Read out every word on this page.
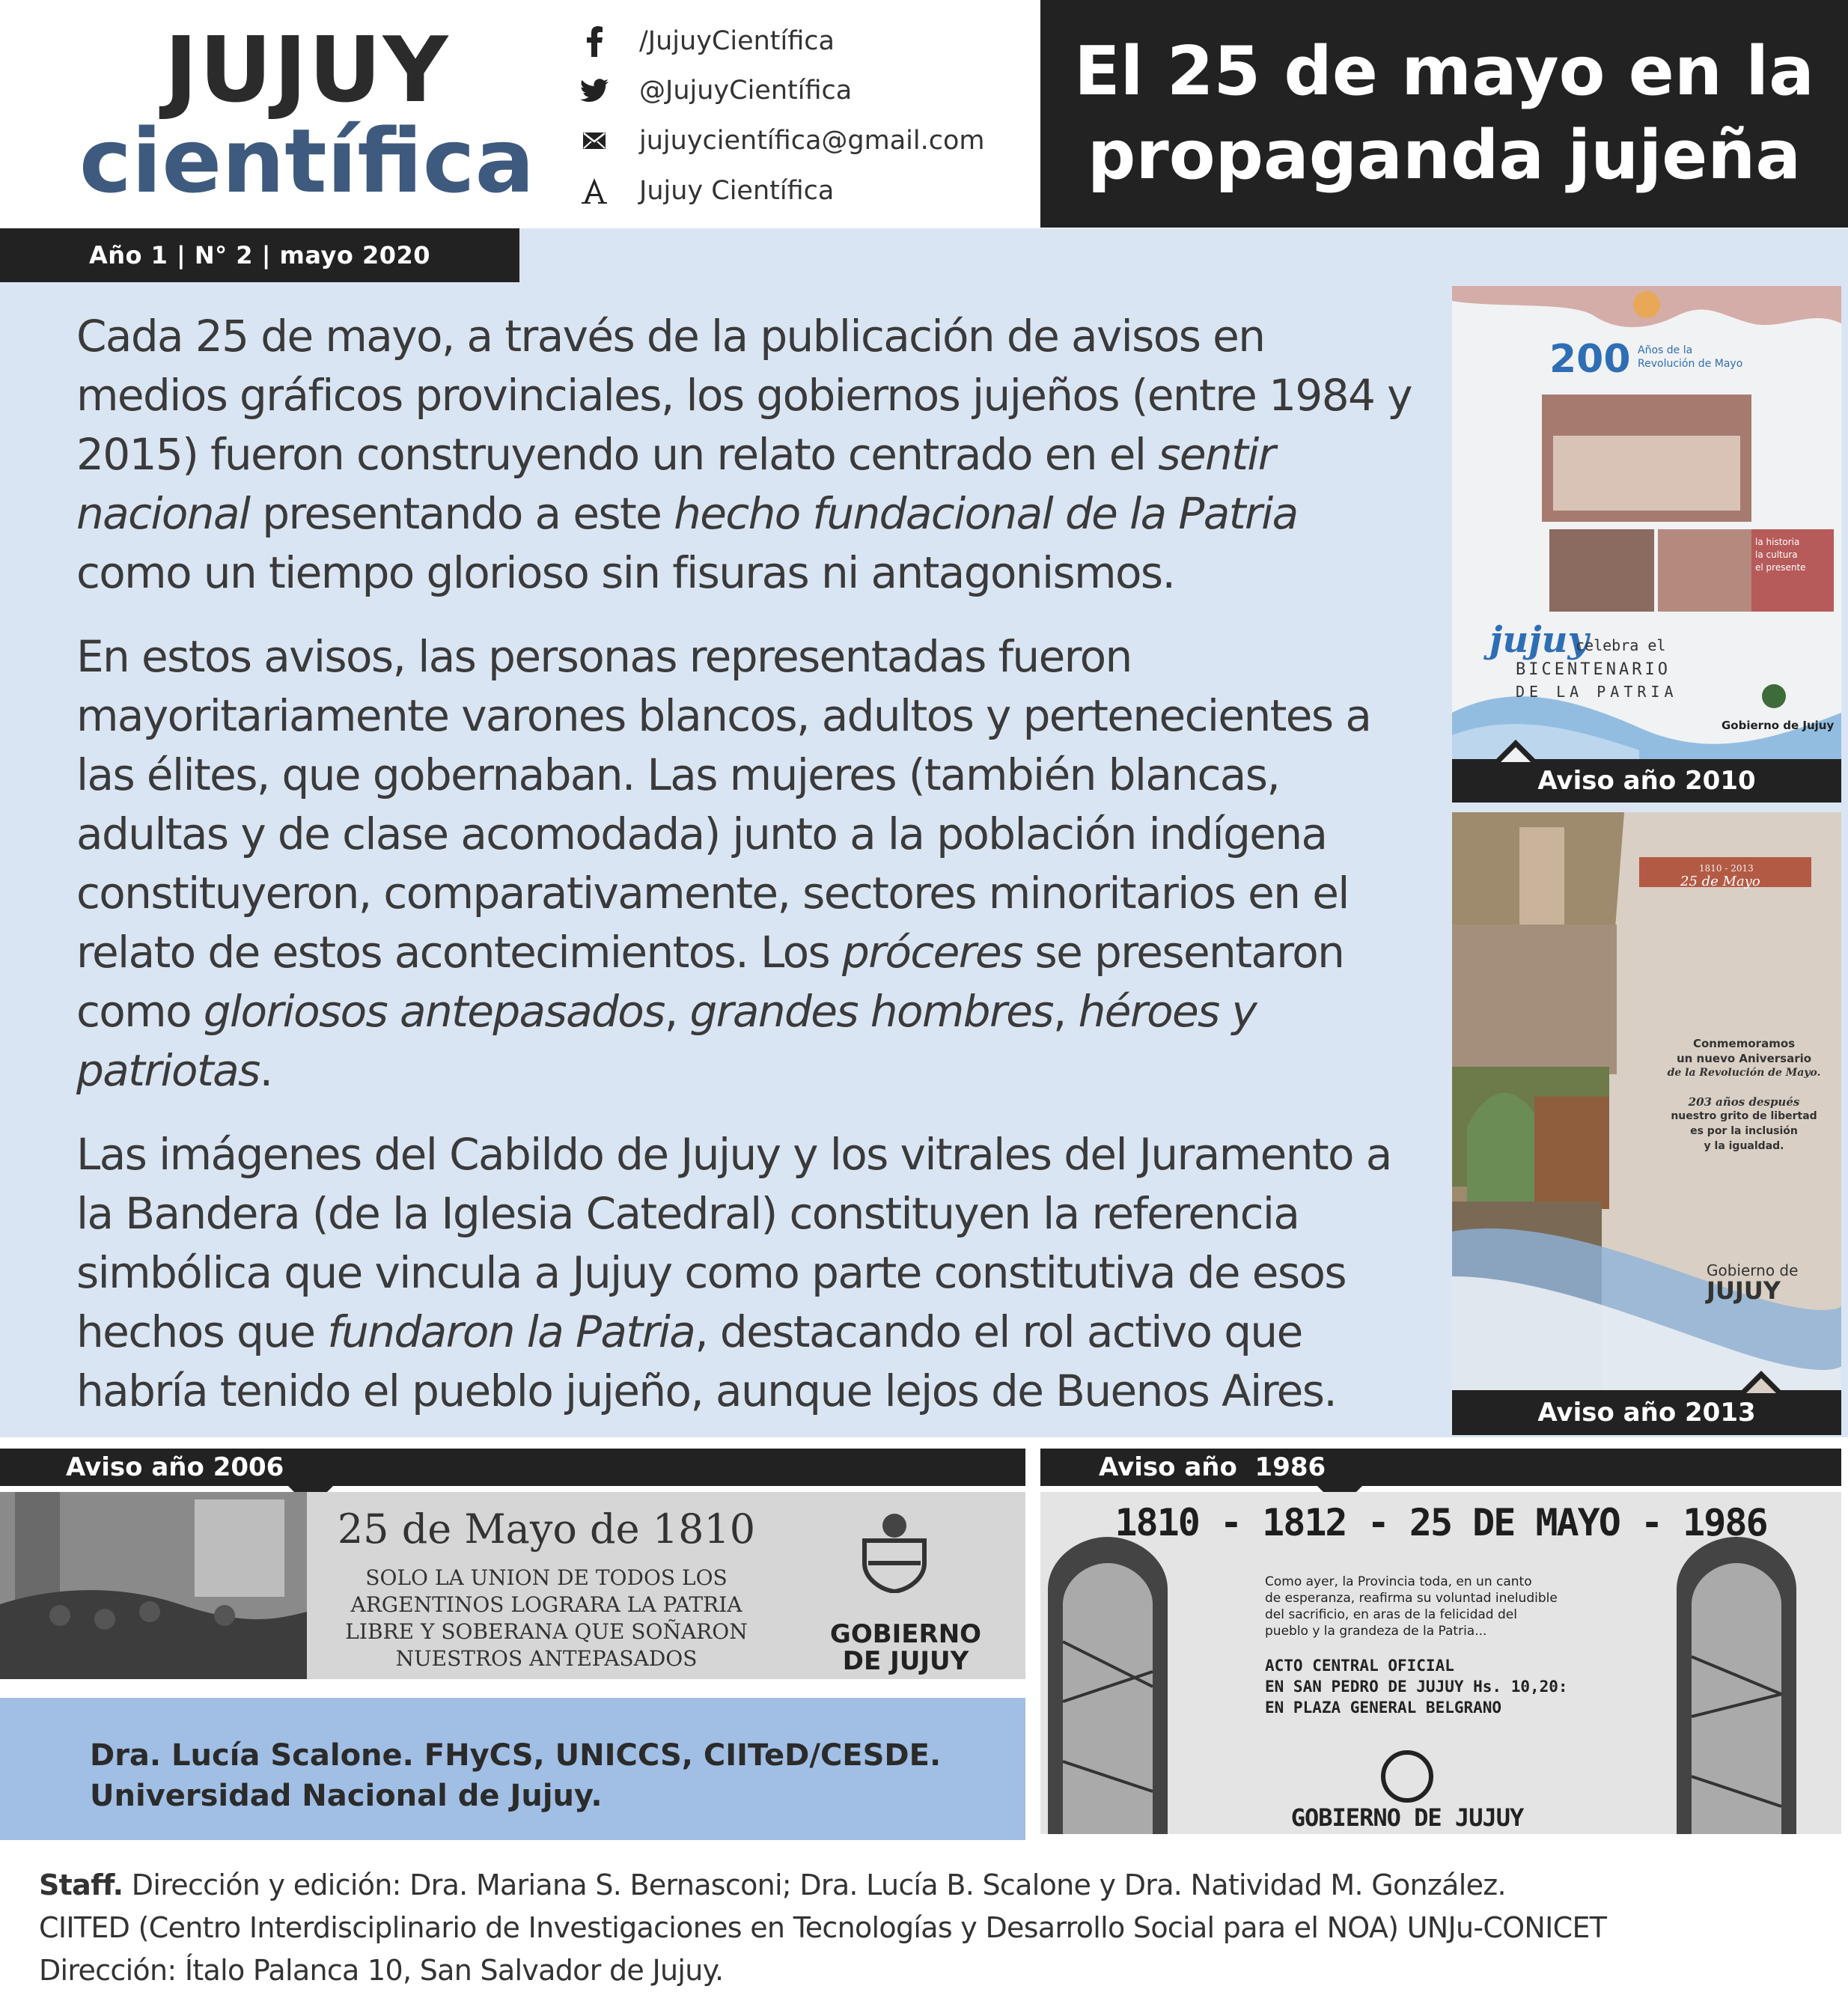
JUJUY
científica
/JujuyCientífica
@JujuyCientífica
jujuycientífica@gmail.com
Jujuy Científica
El 25 de mayo en la
propaganda jujeña
Año 1 | N° 2 | mayo 2020

Cada 25 de mayo, a través de la publicación de avisos en medios gráficos provinciales, los gobiernos jujeños (entre 1984 y 2015) fueron construyendo un relato centrado en el sentir nacional presentando a este hecho fundacional de la Patria como un tiempo glorioso sin fisuras ni antagonismos.

En estos avisos, las personas representadas fueron mayoritariamente varones blancos, adultos y pertenecientes a las élites, que gobernaban. Las mujeres (también blancas, adultas y de clase acomodada) junto a la población indígena constituyeron, comparativamente, sectores minoritarios en el relato de estos acontecimientos. Los próceres se presentaron como gloriosos antepasados, grandes hombres, héroes y patriotas.

Las imágenes del Cabildo de Jujuy y los vitrales del Juramento a la Bandera (de la Iglesia Catedral) constituyen la referencia simbólica que vincula a Jujuy como parte constitutiva de esos hechos que fundaron la Patria, destacando el rol activo que habría tenido el pueblo jujeño, aunque lejos de Buenos Aires.

200 Años de la
Revolución de Mayo
la historia
la cultura
el presente
jujuy
celebra el
BICENTENARIO
DE LA PATRIA
Gobierno de Jujuy
Aviso año 2010
1810 - 2013
25 de Mayo
Conmemoramos
un nuevo Aniversario
de la Revolución de Mayo.
203 años después
nuestro grito de libertad
es por la inclusión
y la igualdad.
Gobierno de
JUJUY
Aviso año 2013
Aviso año 2006
25 de Mayo de 1810
SOLO LA UNION DE TODOS LOS
ARGENTINOS LOGRARA LA PATRIA
LIBRE Y SOBERANA QUE SOÑARON
NUESTROS ANTEPASADOS
GOBIERNO
DE JUJUY
Aviso año  1986
1810 - 1812 - 25 DE MAYO - 1986
Como ayer, la Provincia toda, en un canto
de esperanza, reafirma su voluntad ineludible
del sacrificio, en aras de la felicidad del
pueblo y la grandeza de la Patria...
ACTO CENTRAL OFICIAL
EN SAN PEDRO DE JUJUY Hs. 10,20:
EN PLAZA GENERAL BELGRANO
GOBIERNO DE JUJUY
Dra. Lucía Scalone. FHyCS, UNICCS, CIITeD/CESDE.
Universidad Nacional de Jujuy.
Staff. Dirección y edición: Dra. Mariana S. Bernasconi; Dra. Lucía B. Scalone y Dra. Natividad M. González.
CIITED (Centro Interdisciplinario de Investigaciones en Tecnologías y Desarrollo Social para el NOA) UNJu-CONICET
Dirección: Ítalo Palanca 10, San Salvador de Jujuy.
